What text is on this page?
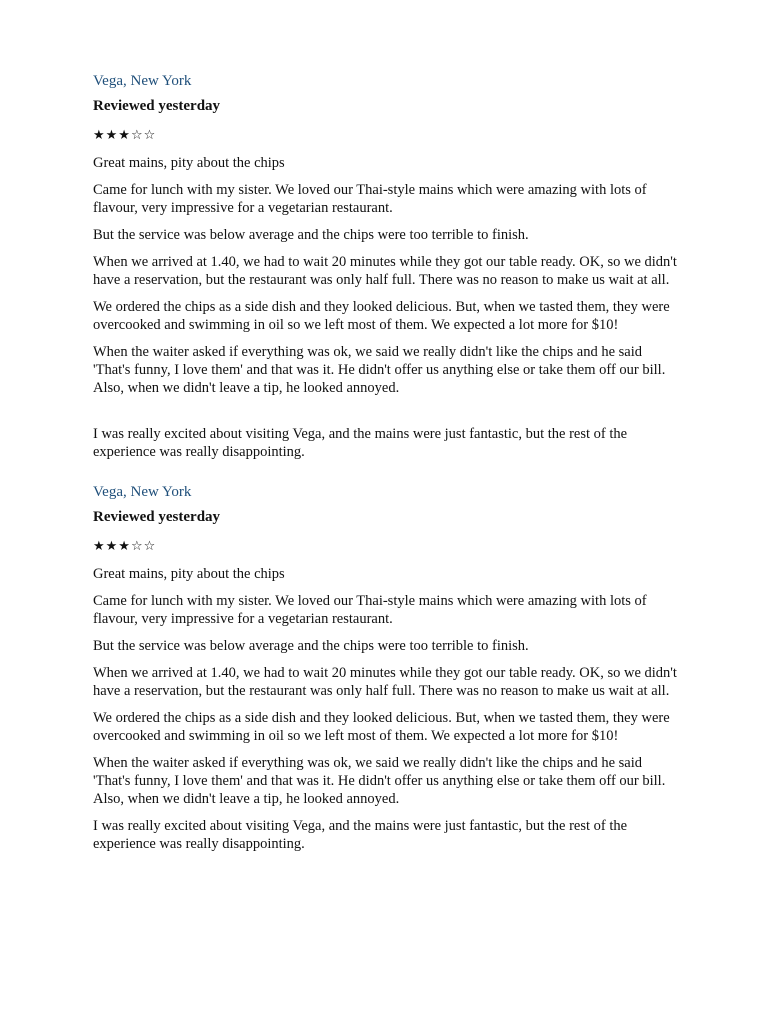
Vega, New York
Reviewed yesterday
★★★☆☆
Great mains, pity about the chips

Came for lunch with my sister. We loved our Thai-style mains which were amazing with lots of flavour, very impressive for a vegetarian restaurant.

But the service was below average and the chips were too terrible to finish.

When we arrived at 1.40, we had to wait 20 minutes while they got our table ready. OK, so we didn't have a reservation, but the restaurant was only half full. There was no reason to make us wait at all.

We ordered the chips as a side dish and they looked delicious. But, when we tasted them, they were overcooked and swimming in oil so we left most of them. We expected a lot more for $10!

When the waiter asked if everything was ok, we said we really didn't like the chips and he said 'That's funny, I love them' and that was it. He didn't offer us anything else or take them off our bill. Also, when we didn't leave a tip, he looked annoyed.

I was really excited about visiting Vega, and the mains were just fantastic, but the rest of the experience was really disappointing.

Vega, New York
Reviewed yesterday
★★★☆☆
Great mains, pity about the chips

Came for lunch with my sister. We loved our Thai-style mains which were amazing with lots of flavour, very impressive for a vegetarian restaurant.

But the service was below average and the chips were too terrible to finish.

When we arrived at 1.40, we had to wait 20 minutes while they got our table ready. OK, so we didn't have a reservation, but the restaurant was only half full. There was no reason to make us wait at all.

We ordered the chips as a side dish and they looked delicious. But, when we tasted them, they were overcooked and swimming in oil so we left most of them. We expected a lot more for $10!

When the waiter asked if everything was ok, we said we really didn't like the chips and he said 'That's funny, I love them' and that was it. He didn't offer us anything else or take them off our bill. Also, when we didn't leave a tip, he looked annoyed.

I was really excited about visiting Vega, and the mains were just fantastic, but the rest of the experience was really disappointing.
